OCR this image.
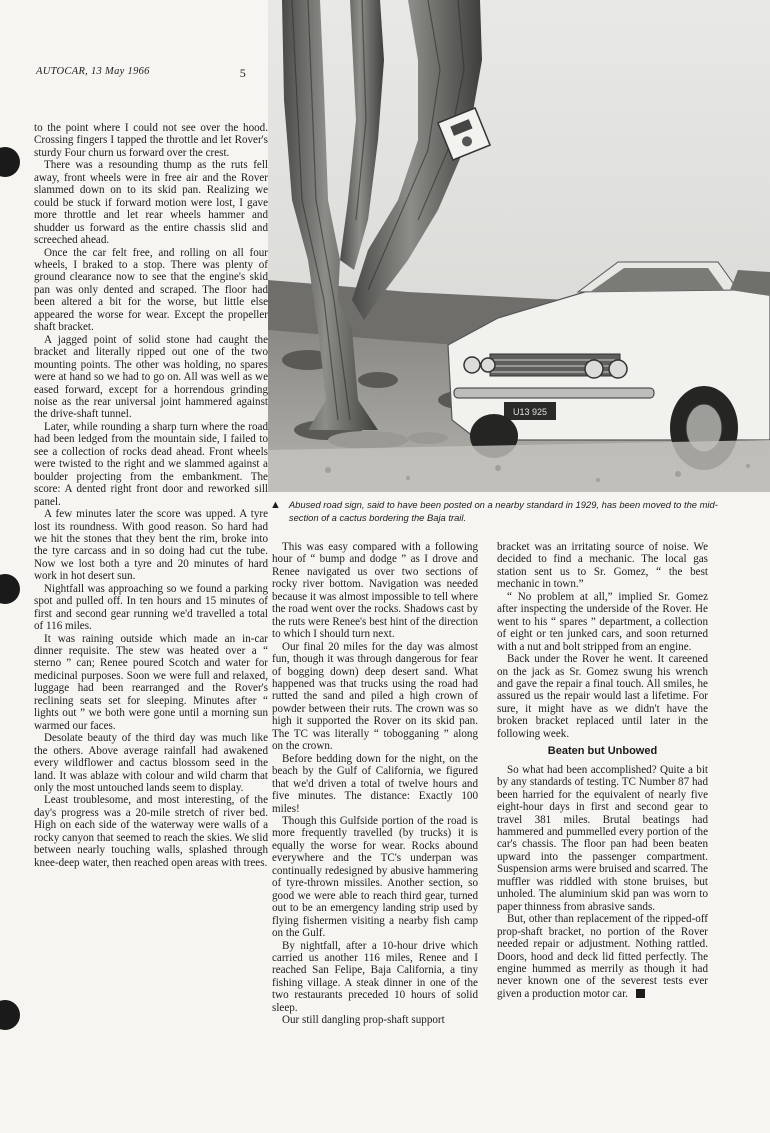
AUTOCAR, 13 May 1966	5
U13 925
▲ Abused road sign, said to have been posted on a nearby standard in 1929, has been moved to the mid-section of a cactus bordering the Baja trail.

to the point where I could not see over the hood. Crossing fingers I tapped the throttle and let Rover's sturdy Four churn us forward over the crest.

There was a resounding thump as the ruts fell away, front wheels were in free air and the Rover slammed down on to its skid pan. Realizing we could be stuck if forward motion were lost, I gave more throttle and let rear wheels hammer and shudder us forward as the entire chassis slid and screeched ahead.

Once the car felt free, and rolling on all four wheels, I braked to a stop. There was plenty of ground clearance now to see that the engine's skid pan was only dented and scraped. The floor had been altered a bit for the worse, but little else appeared the worse for wear. Except the propeller shaft bracket.

A jagged point of solid stone had caught the bracket and literally ripped out one of the two mounting points. The other was holding, no spares were at hand so we had to go on. All was well as we eased forward, except for a horrendous grinding noise as the rear universal joint hammered against the drive-shaft tunnel.

Later, while rounding a sharp turn where the road had been ledged from the mountain side, I failed to see a collection of rocks dead ahead. Front wheels were twisted to the right and we slammed against a boulder projecting from the embankment. The score: A dented right front door and reworked sill panel.

A few minutes later the score was upped. A tyre lost its roundness. With good reason. So hard had we hit the stones that they bent the rim, broke into the tyre carcass and in so doing had cut the tube. Now we lost both a tyre and 20 minutes of hard work in hot desert sun.

Nightfall was approaching so we found a parking spot and pulled off. In ten hours and 15 minutes of first and second gear running we'd travelled a total of 116 miles.

It was raining outside which made an in-car dinner requisite. The stew was heated over a “ sterno ” can; Renee poured Scotch and water for medicinal purposes. Soon we were full and relaxed, luggage had been rearranged and the Rover's reclining seats set for sleeping. Minutes after “ lights out ” we both were gone until a morning sun warmed our faces.

Desolate beauty of the third day was much like the others. Above average rainfall had awakened every wildflower and cactus blossom seed in the land. It was ablaze with colour and wild charm that only the most untouched lands seem to display.

Least troublesome, and most interesting, of the day's progress was a 20-mile stretch of river bed. High on each side of the waterway were walls of a rocky canyon that seemed to reach the skies. We slid between nearly touching walls, splashed through knee-deep water, then reached open areas with trees.

This was easy compared with a following hour of “ bump and dodge ” as I drove and Renee navigated us over two sections of rocky river bottom. Navigation was needed because it was almost impossible to tell where the road went over the rocks. Shadows cast by the ruts were Renee's best hint of the direction to which I should turn next.

Our final 20 miles for the day was almost fun, though it was through dangerous for fear of bogging down) deep desert sand. What happened was that trucks using the road had rutted the sand and piled a high crown of powder between their ruts. The crown was so high it supported the Rover on its skid pan. The TC was literally “ tobogganing ” along on the crown.

Before bedding down for the night, on the beach by the Gulf of California, we figured that we'd driven a total of twelve hours and five minutes. The distance: Exactly 100 miles!

Though this Gulfside portion of the road is more frequently travelled (by trucks) it is equally the worse for wear. Rocks abound everywhere and the TC's underpan was continually redesigned by abusive hammering of tyre-thrown missiles. Another section, so good we were able to reach third gear, turned out to be an emergency landing strip used by flying fishermen visiting a nearby fish camp on the Gulf.

By nightfall, after a 10-hour drive which carried us another 116 miles, Renee and I reached San Felipe, Baja California, a tiny fishing village. A steak dinner in one of the two restaurants preceded 10 hours of solid sleep.

Our still dangling prop-shaft support

bracket was an irritating source of noise. We decided to find a mechanic. The local gas station sent us to Sr. Gomez, “ the best mechanic in town.”

“ No problem at all,” implied Sr. Gomez after inspecting the underside of the Rover. He went to his “ spares ” department, a collection of eight or ten junked cars, and soon returned with a nut and bolt stripped from an engine.

Back under the Rover he went. It careened on the jack as Sr. Gomez swung his wrench and gave the repair a final touch. All smiles, he assured us the repair would last a lifetime. For sure, it might have as we didn't have the broken bracket replaced until later in the following week.

Beaten but Unbowed

So what had been accomplished? Quite a bit by any standards of testing. TC Number 87 had been harried for the equivalent of nearly five eight-hour days in first and second gear to travel 381 miles. Brutal beatings had hammered and pummelled every portion of the car's chassis. The floor pan had been beaten upward into the passenger compartment. Suspension arms were bruised and scarred. The muffler was riddled with stone bruises, but unholed. The aluminium skid pan was worn to paper thinness from abrasive sands.

But, other than replacement of the ripped-off prop-shaft bracket, no portion of the Rover needed repair or adjustment. Nothing rattled. Doors, hood and deck lid fitted perfectly. The engine hummed as merrily as though it had never known one of the severest tests ever given a production motor car.
